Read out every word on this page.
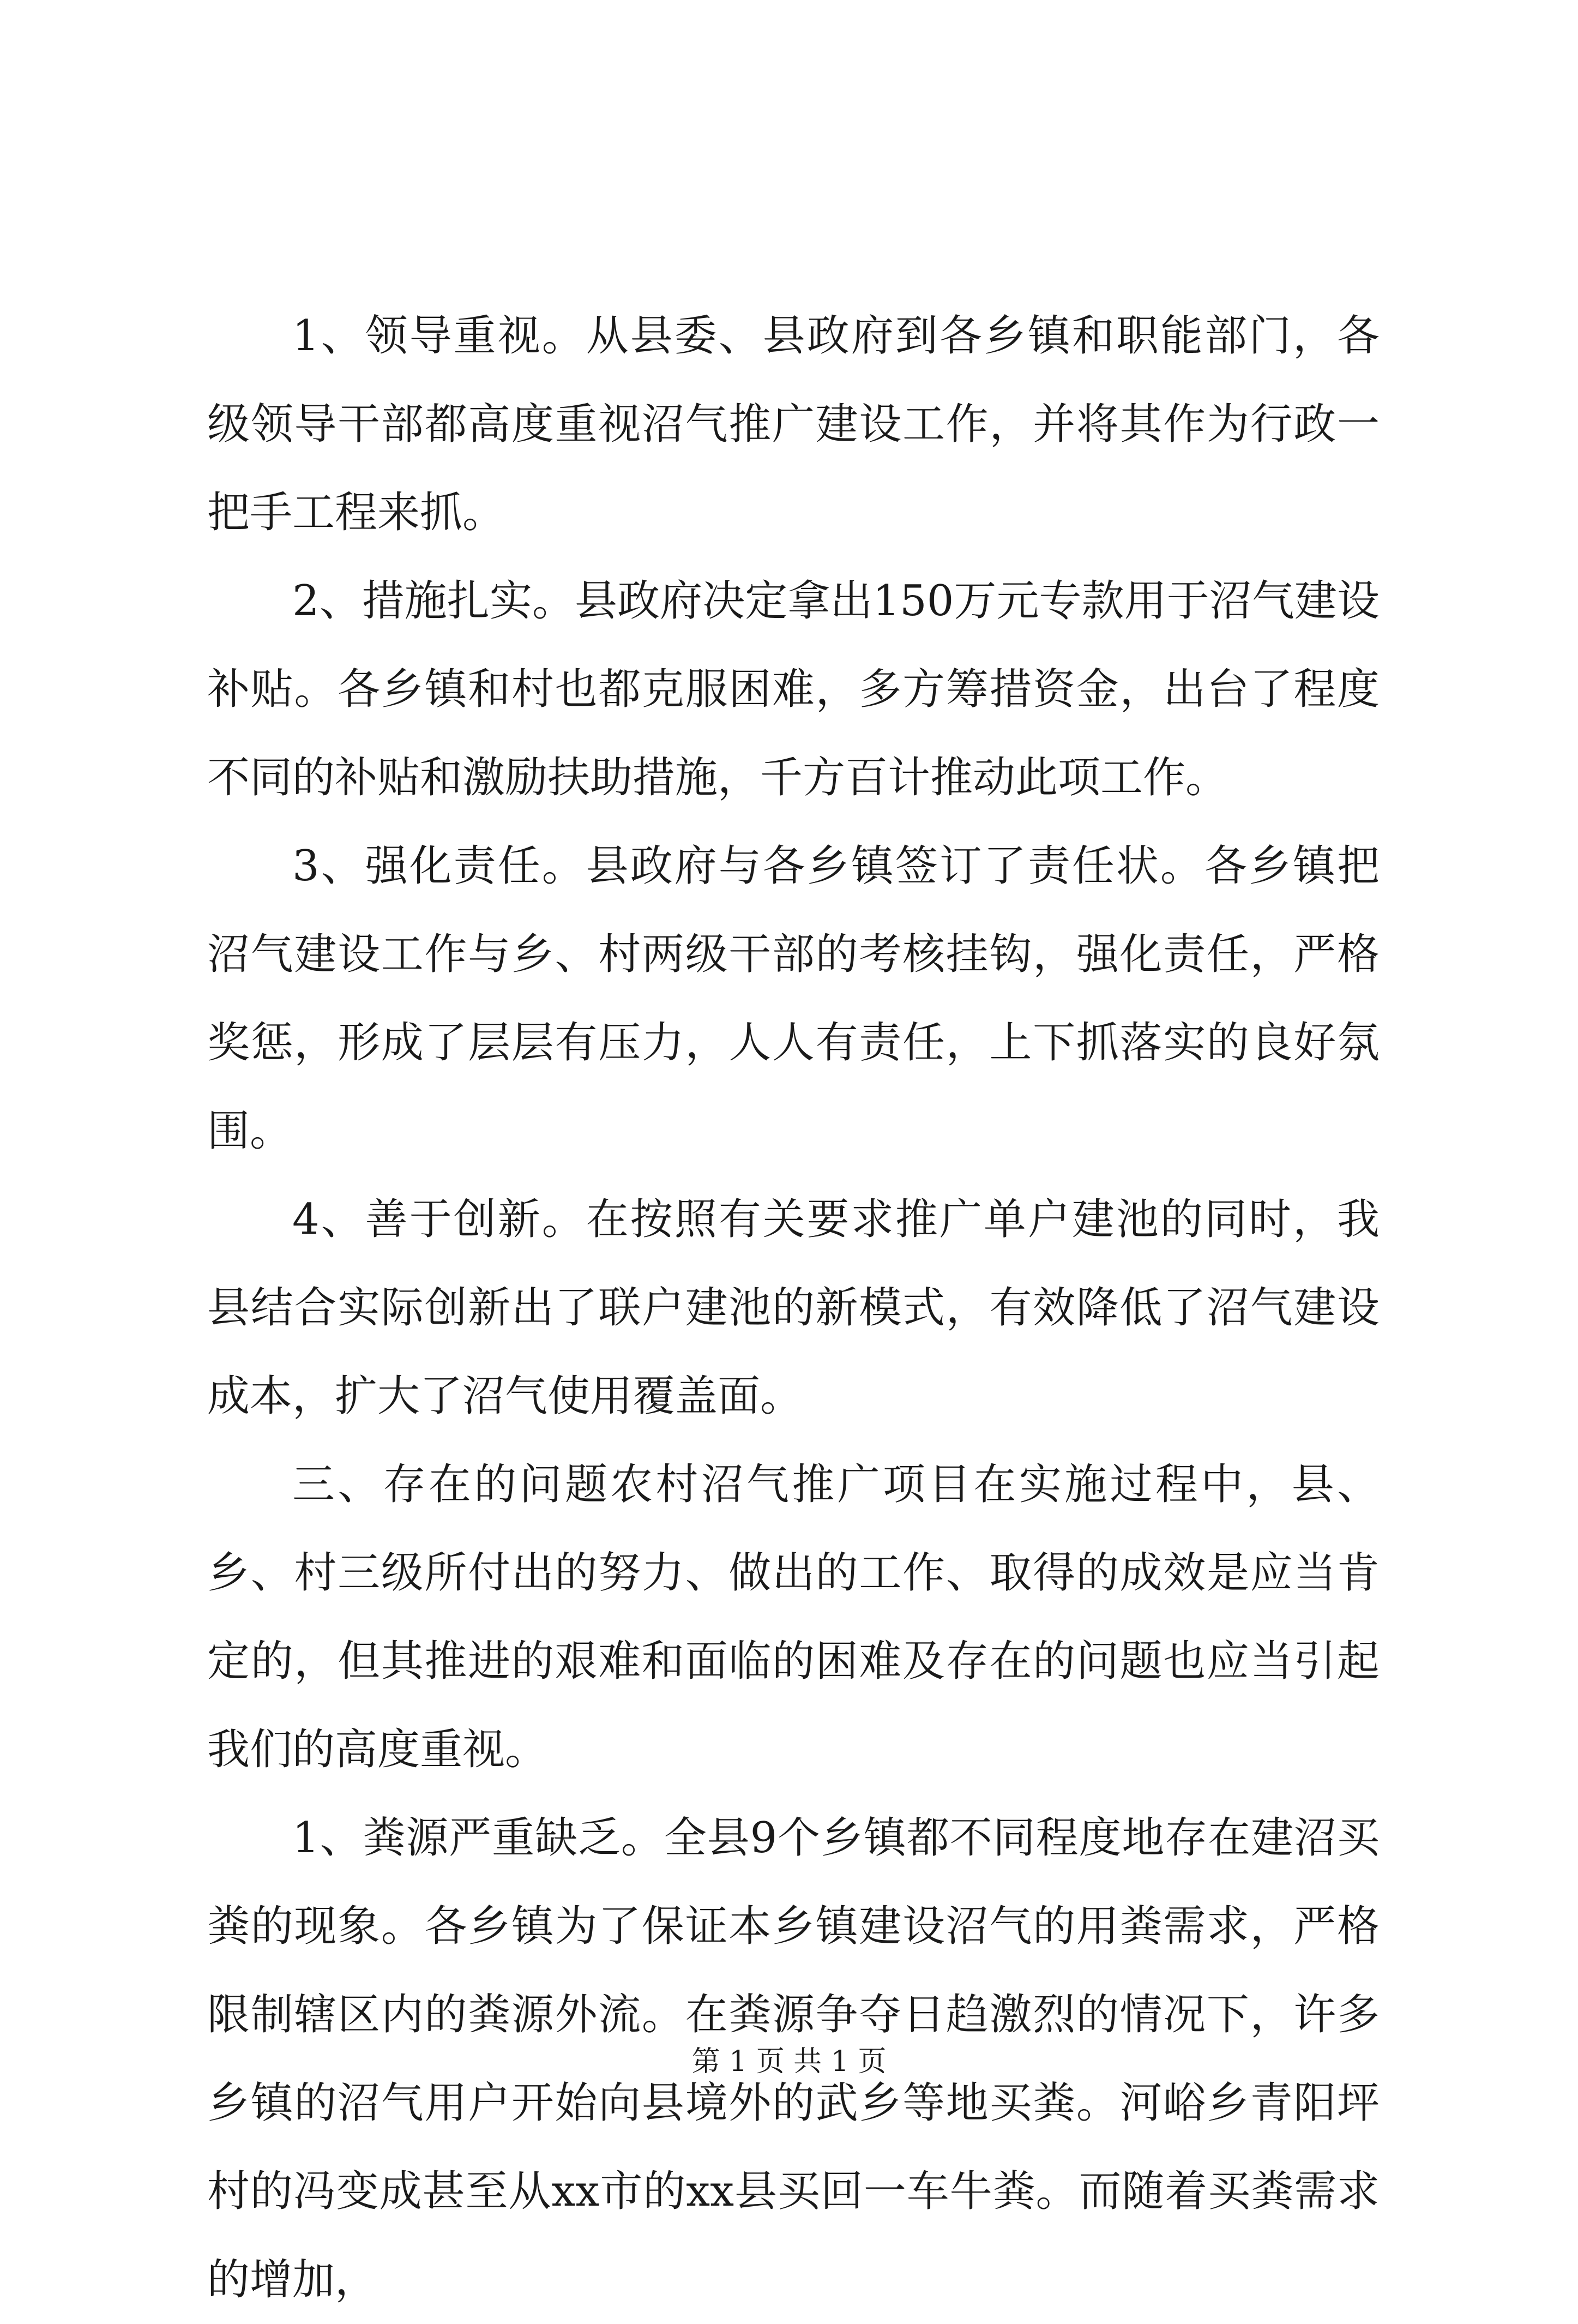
1、领导重视。从县委、县政府到各乡镇和职能部门，各级领导干部都高度重视沼气推广建设工作，并将其作为行政一把手工程来抓。

2、措施扎实。县政府决定拿出150万元专款用于沼气建设补贴。各乡镇和村也都克服困难，多方筹措资金，出台了程度不同的补贴和激励扶助措施，千方百计推动此项工作。

3、强化责任。县政府与各乡镇签订了责任状。各乡镇把沼气建设工作与乡、村两级干部的考核挂钩，强化责任，严格奖惩，形成了层层有压力，人人有责任，上下抓落实的良好氛围。

4、善于创新。在按照有关要求推广单户建池的同时，我县结合实际创新出了联户建池的新模式，有效降低了沼气建设成本，扩大了沼气使用覆盖面。

三、存在的问题农村沼气推广项目在实施过程中，县、乡、村三级所付出的努力、做出的工作、取得的成效是应当肯定的，但其推进的艰难和面临的困难及存在的问题也应当引起我们的高度重视。

1、粪源严重缺乏。全县9个乡镇都不同程度地存在建沼买粪的现象。各乡镇为了保证本乡镇建设沼气的用粪需求，严格限制辖区内的粪源外流。在粪源争夺日趋激烈的情况下，许多乡镇的沼气用户开始向县境外的武乡等地买粪。河峪乡青阳坪村的冯变成甚至从xx市的xx县买回一车牛粪。而随着买粪需求的增加，

第 1 页 共 1 页
